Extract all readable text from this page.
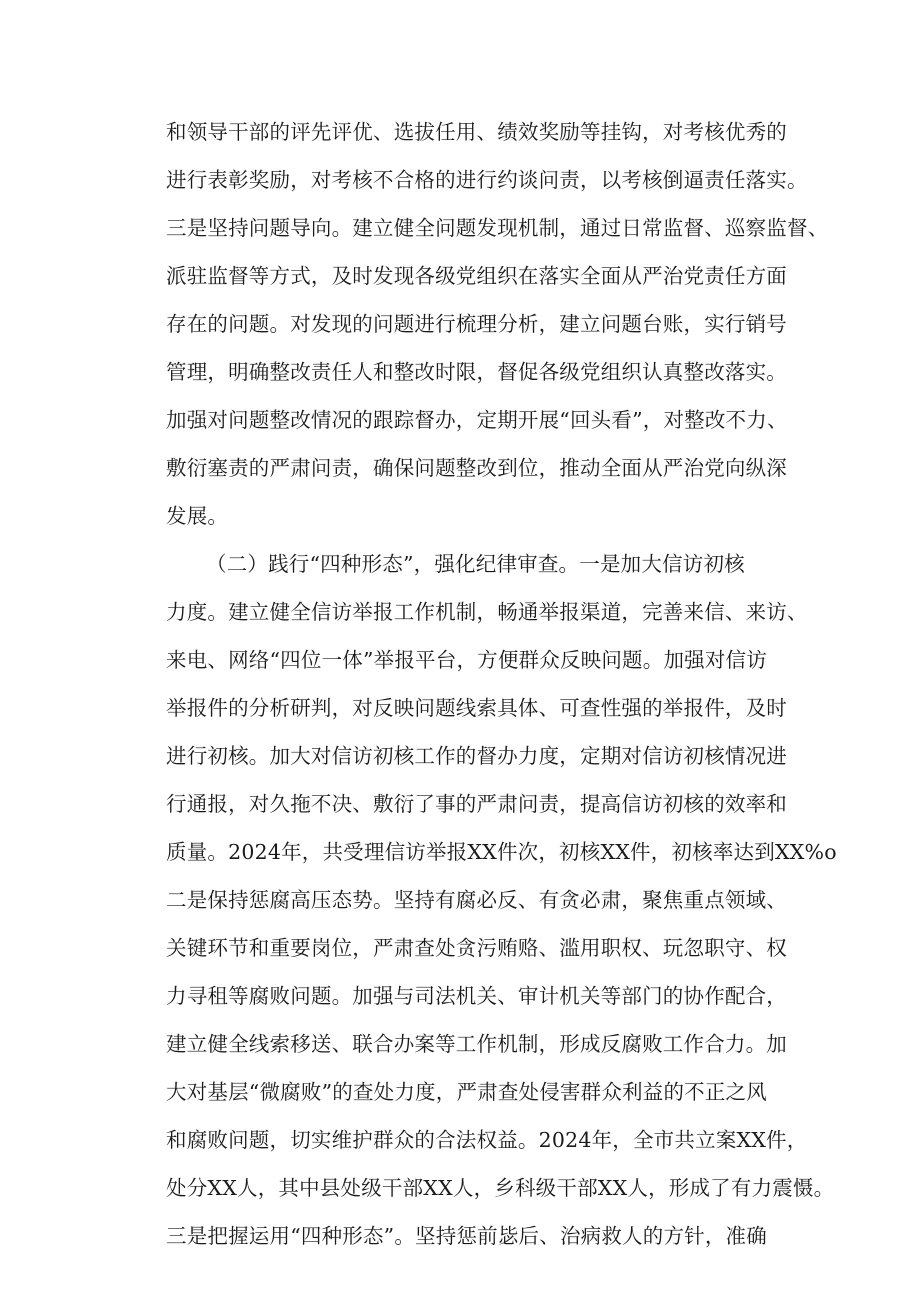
和领导干部的评先评优、选拔任用、绩效奖励等挂钩，对考核优秀的
进行表彰奖励，对考核不合格的进行约谈问责，以考核倒逼责任落实。
三是坚持问题导向。建立健全问题发现机制，通过日常监督、巡察监督、
派驻监督等方式，及时发现各级党组织在落实全面从严治党责任方面
存在的问题。对发现的问题进行梳理分析，建立问题台账，实行销号
管理，明确整改责任人和整改时限，督促各级党组织认真整改落实。
加强对问题整改情况的跟踪督办，定期开展“回头看”，对整改不力、
敷衍塞责的严肃问责，确保问题整改到位，推动全面从严治党向纵深
发展。
（二）践行“四种形态”，强化纪律审查。一是加大信访初核
力度。建立健全信访举报工作机制，畅通举报渠道，完善来信、来访、
来电、网络“四位一体”举报平台，方便群众反映问题。加强对信访
举报件的分析研判，对反映问题线索具体、可查性强的举报件，及时
进行初核。加大对信访初核工作的督办力度，定期对信访初核情况进
行通报，对久拖不决、敷衍了事的严肃问责，提高信访初核的效率和
质量。2024年，共受理信访举报XX件次，初核XX件，初核率达到XX%o
二是保持惩腐高压态势。坚持有腐必反、有贪必肃，聚焦重点领域、
关键环节和重要岗位，严肃查处贪污贿赂、滥用职权、玩忽职守、权
力寻租等腐败问题。加强与司法机关、审计机关等部门的协作配合，
建立健全线索移送、联合办案等工作机制，形成反腐败工作合力。加
大对基层“微腐败”的查处力度，严肃查处侵害群众利益的不正之风
和腐败问题，切实维护群众的合法权益。2024年，全市共立案XX件，
处分XX人，其中县处级干部XX人，乡科级干部XX人，形成了有力震慑。
三是把握运用“四种形态”。坚持惩前毖后、治病救人的方针，准确
